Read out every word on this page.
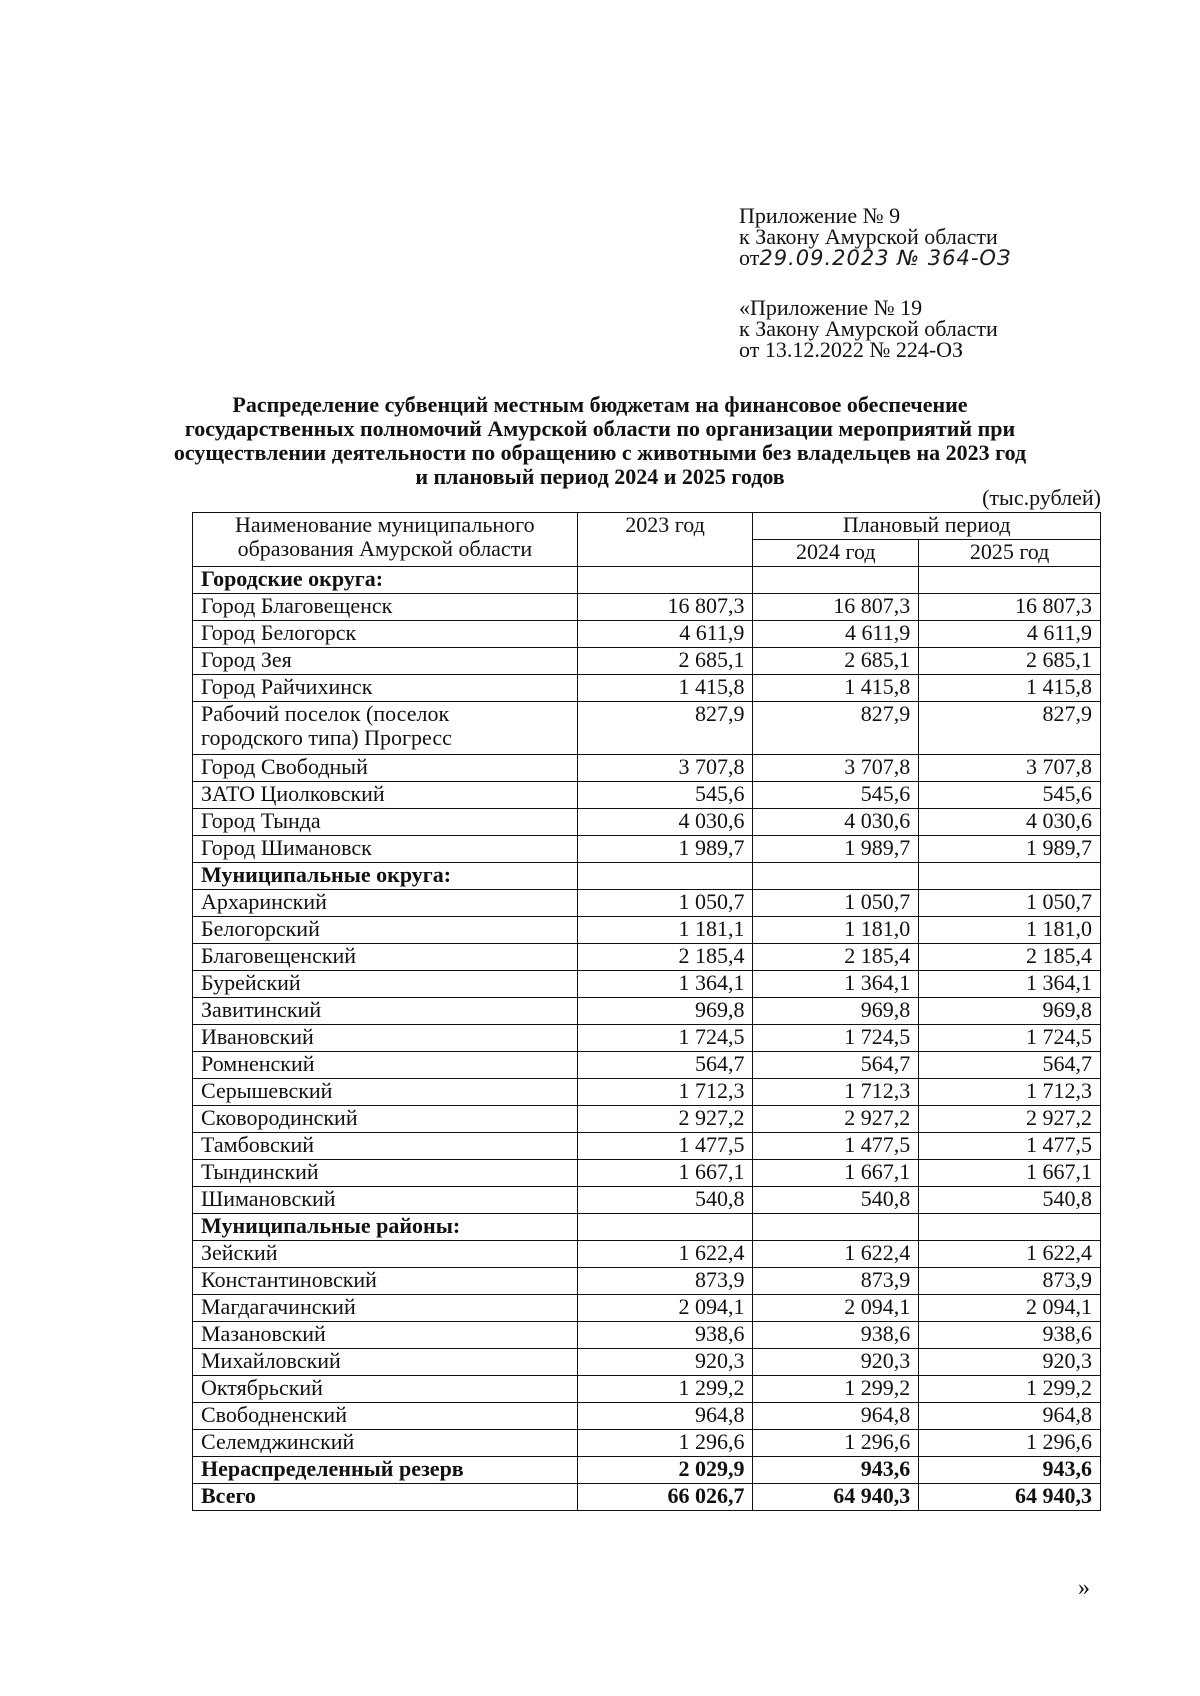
Приложение № 9
к Закону Амурской области
от29.09.2023 № 364-ОЗ
«Приложение № 19
к Закону Амурской области
от 13.12.2022 № 224-ОЗ
Распределение субвенций местным бюджетам на финансовое обеспечение
государственных полномочий Амурской области по организации мероприятий при
осуществлении деятельности по обращению с животными без владельцев на 2023 год
и плановый период 2024 и 2025 годов
(тыс.рублей)
Наименование муниципального образования Амурской области	2023 год	Плановый период	
		2024 год	2025 год
Городские округа:			
Город Благовещенск	16 807,3	16 807,3	16 807,3
Город Белогорск	4 611,9	4 611,9	4 611,9
Город Зея	2 685,1	2 685,1	2 685,1
Город Райчихинск	1 415,8	1 415,8	1 415,8

Рабочий поселок (поселок
городского типа) Прогресс	827,9	827,9	827,9
Город Свободный	3 707,8	3 707,8	3 707,8
ЗАТО Циолковский	545,6	545,6	545,6
Город Тында	4 030,6	4 030,6	4 030,6
Город Шимановск	1 989,7	1 989,7	1 989,7
Муниципальные округа:			
Архаринский	1 050,7	1 050,7	1 050,7
Белогорский	1 181,1	1 181,0	1 181,0
Благовещенский	2 185,4	2 185,4	2 185,4
Бурейский	1 364,1	1 364,1	1 364,1
Завитинский	969,8	969,8	969,8
Ивановский	1 724,5	1 724,5	1 724,5
Ромненский	564,7	564,7	564,7
Серышевский	1 712,3	1 712,3	1 712,3
Сковородинский	2 927,2	2 927,2	2 927,2
Тамбовский	1 477,5	1 477,5	1 477,5
Тындинский	1 667,1	1 667,1	1 667,1
Шимановский	540,8	540,8	540,8
Муниципальные районы:			
Зейский	1 622,4	1 622,4	1 622,4
Константиновский	873,9	873,9	873,9
Магдагачинский	2 094,1	2 094,1	2 094,1
Мазановский	938,6	938,6	938,6
Михайловский	920,3	920,3	920,3
Октябрьский	1 299,2	1 299,2	1 299,2
Свободненский	964,8	964,8	964,8
Селемджинский	1 296,6	1 296,6	1 296,6
Нераспределенный резерв	2 029,9	943,6	943,6
Всего	66 026,7	64 940,3	64 940,3
»
